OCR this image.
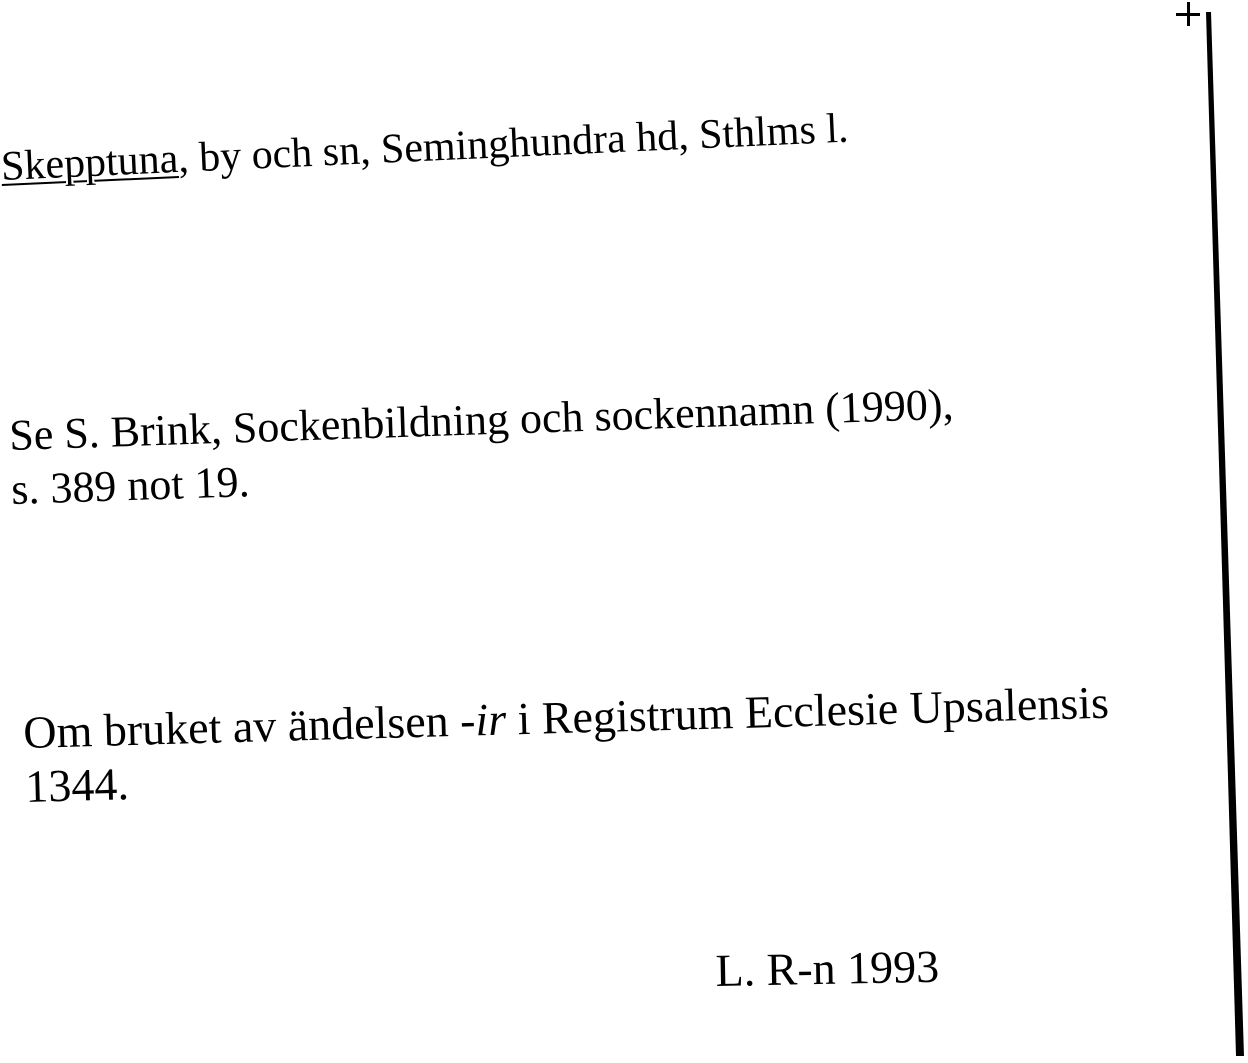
Skepptuna, by och sn, Seminghundra hd, Sthlms l.
Se S. Brink, Sockenbildning och sockennamn (1990),
s. 389 not 19.
Om bruket av ändelsen -ir i Registrum Ecclesie Upsalensis
1344.
L. R-n 1993
